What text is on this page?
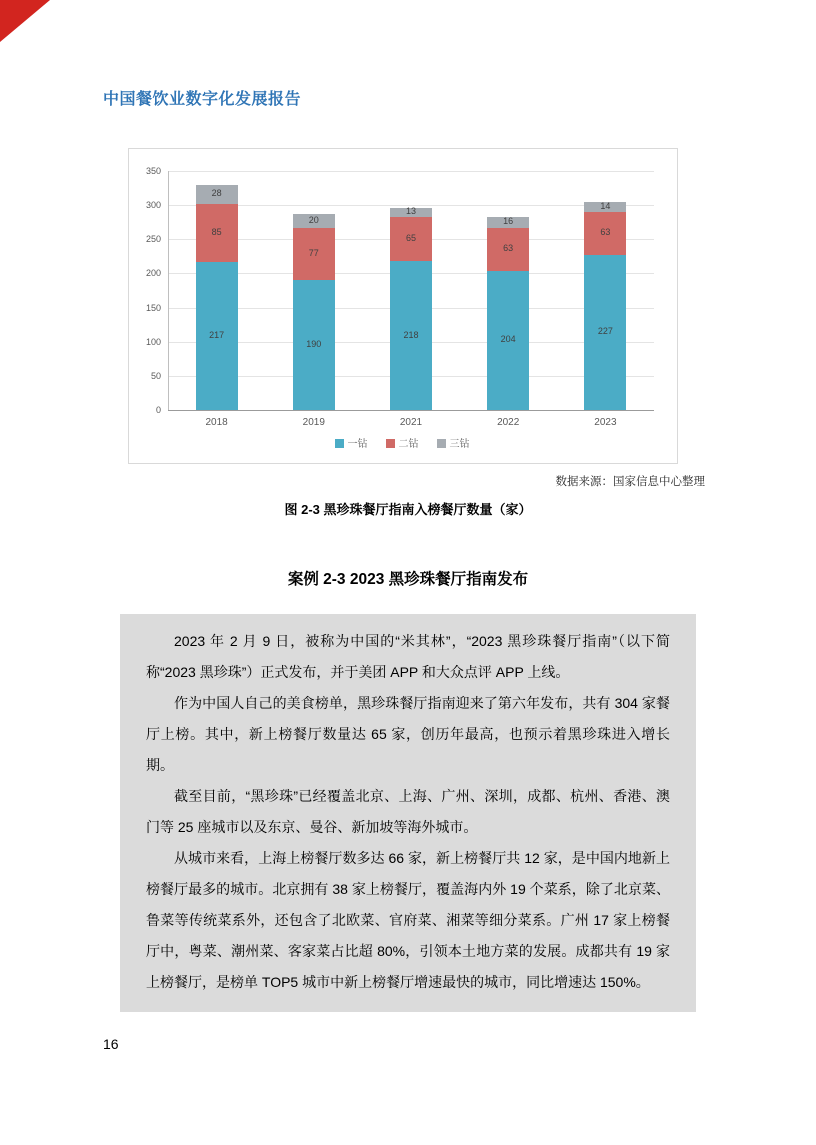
中国餐饮业数字化发展报告
0
50
100
150
200
250
300
350
217
85
28
2018
190
77
20
2019
218
65
13
2021
204
63
16
2022
227
63
14
2023
一钻	二钻	三钻
数据来源：国家信息中心整理
图 2-3 黑珍珠餐厅指南入榜餐厅数量（家）
案例 2-3 2023 黑珍珠餐厅指南发布

2023 年 2 月 9 日，被称为中国的“米其林”，“2023 黑珍珠餐厅指南”（以下简称“2023 黑珍珠”）正式发布，并于美团 APP 和大众点评 APP 上线。

作为中国人自己的美食榜单，黑珍珠餐厅指南迎来了第六年发布，共有 304 家餐厅上榜。其中，新上榜餐厅数量达 65 家，创历年最高，也预示着黑珍珠进入增长期。

截至目前，“黑珍珠”已经覆盖北京、上海、广州、深圳，成都、杭州、香港、澳门等 25 座城市以及东京、曼谷、新加坡等海外城市。

从城市来看，上海上榜餐厅数多达 66 家，新上榜餐厅共 12 家，是中国内地新上榜餐厅最多的城市。北京拥有 38 家上榜餐厅，覆盖海内外 19 个菜系，除了北京菜、鲁菜等传统菜系外，还包含了北欧菜、官府菜、湘菜等细分菜系。广州 17 家上榜餐厅中，粤菜、潮州菜、客家菜占比超 80%，引领本土地方菜的发展。成都共有 19 家上榜餐厅，是榜单 TOP5 城市中新上榜餐厅增速最快的城市，同比增速达 150%。

16
